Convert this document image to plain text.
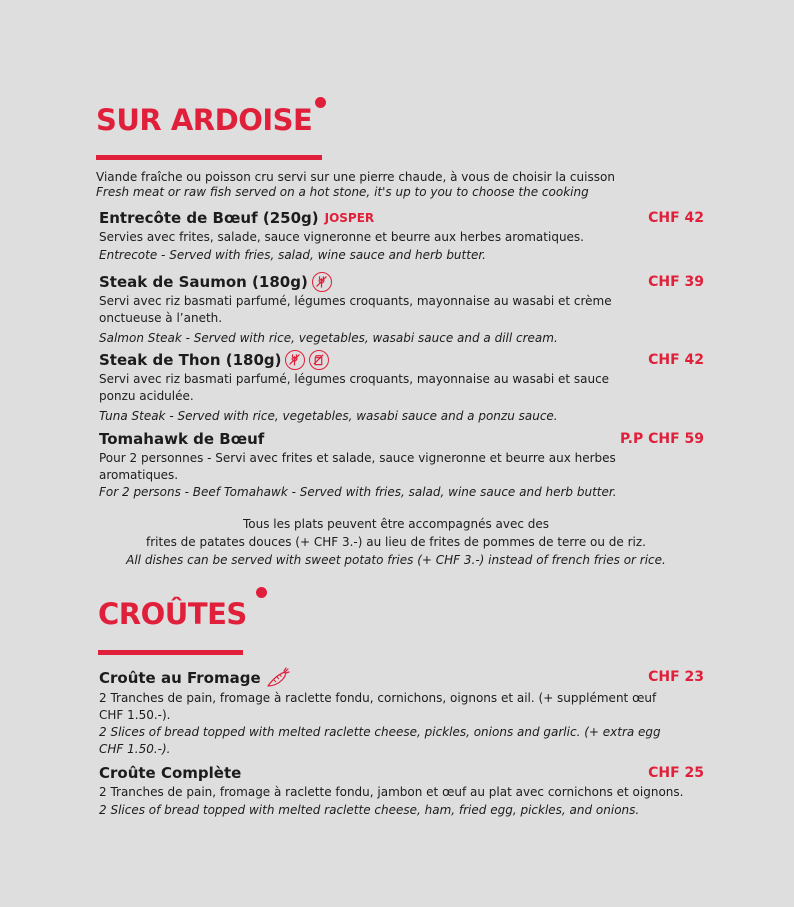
SUR ARDOISE
Viande fraîche ou poisson cru servi sur une pierre chaude, à vous de choisir la cuisson
Fresh meat or raw fish served on a hot stone, it's up to you to choose the cooking
Entrecôte de Bœuf (250g) JOSPER	CHF 42
Servies avec frites, salade, sauce vigneronne et beurre aux herbes aromatiques.
Entrecote - Served with fries, salad, wine sauce and herb butter.
Steak de Saumon (180g)	CHF 39
Servi avec riz basmati parfumé, légumes croquants, mayonnaise au wasabi et crème onctueuse à l’aneth.
Salmon Steak - Served with rice, vegetables, wasabi sauce and a dill cream.
Steak de Thon (180g)	CHF 42
Servi avec riz basmati parfumé, légumes croquants, mayonnaise au wasabi et sauce ponzu acidulée.
Tuna Steak - Served with rice, vegetables, wasabi sauce and a ponzu sauce.
Tomahawk de Bœuf	P.P CHF 59
Pour 2 personnes - Servi avec frites et salade, sauce vigneronne et beurre aux herbes aromatiques.
For 2 persons - Beef Tomahawk - Served with fries, salad, wine sauce and herb butter.
Tous les plats peuvent être accompagnés avec des
frites de patates douces (+ CHF 3.-) au lieu de frites de pommes de terre ou de riz.
All dishes can be served with sweet potato fries (+ CHF 3.-) instead of french fries or rice.
CROÛTES
Croûte au Fromage	CHF 23
2 Tranches de pain, fromage à raclette fondu, cornichons, oignons et ail. (+ supplément œuf CHF 1.50.-).
2 Slices of bread topped with melted raclette cheese, pickles, onions and garlic. (+ extra egg CHF 1.50.-).
Croûte Complète	CHF 25
2 Tranches de pain, fromage à raclette fondu, jambon et œuf au plat avec cornichons et oignons.
2 Slices of bread topped with melted raclette cheese, ham, fried egg, pickles, and onions.
